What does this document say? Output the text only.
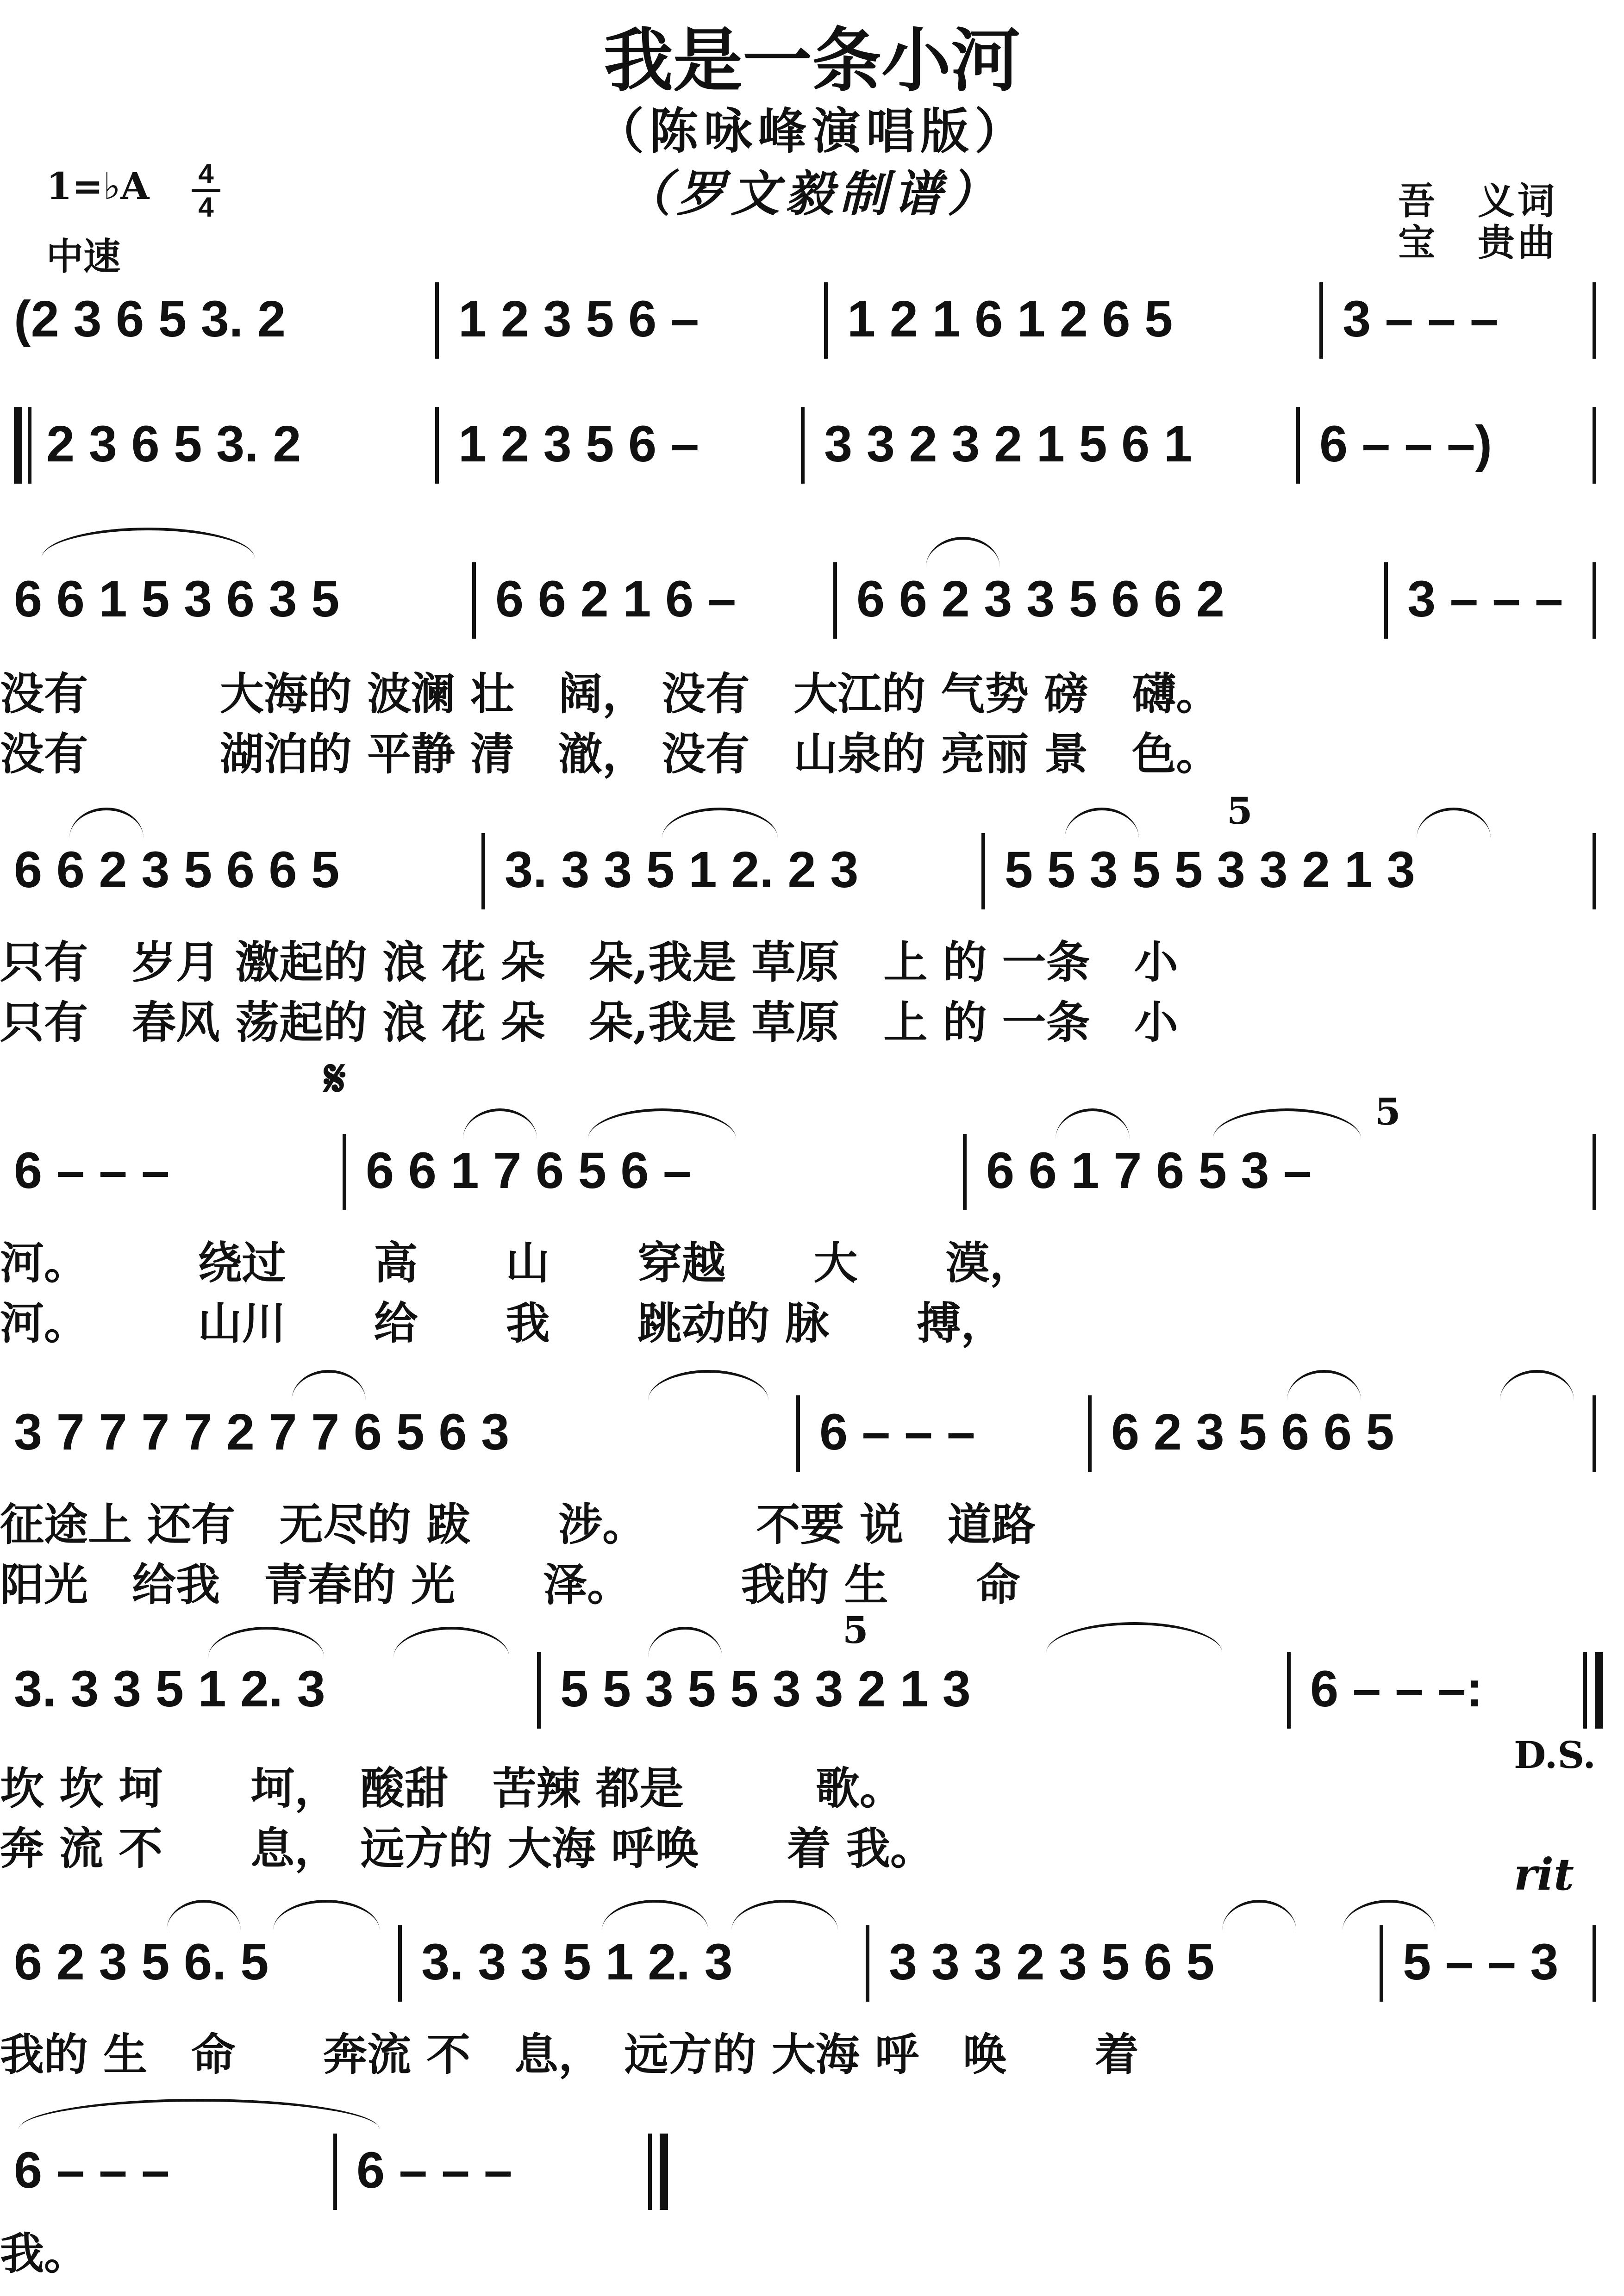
我是一条小河
（陈咏峰演唱版）
（罗文毅制谱）
1=♭A	4
4
中速
吾　义词
宝　贵曲
(2 3 6 5 3. 2	1 2 3 5 6 –	1 2 1 6 1 2 6 5	3 – – –
2 3 6 5 3. 2	1 2 3 5 6 – 3 3 2 3 2 1 5 6 1 6 – – –)
6 6 1 5 3 6 3 5	6 6 2 1 6 – 6 6 2 3 3 5 6 6 2	3 – – –
没有　　　大海的 波澜 壮　阔， 没有　大江的 气势 磅　礴。
没有　　　湖泊的 平静 清　澈， 没有　山泉的 亮丽 景　色。
5
6 6 2 3 5 6 6 5	3. 3 3 5 1 2. 2 3	5 5 3 5 5 3 3 2 1 3
只有　岁月 激起的 浪 花 朵　朵,我是 草原　上 的 一条　小
只有　春风 荡起的 浪 花 朵　朵,我是 草原　上 的 一条　小
𝄋
5
6 – – –	6 6 1 7 6 5 6 –	6 6 1 7 6 5 3 –
河。　　　绕过　　高　　山　　穿越　　大　　漠，
河。　　　山川　　给　　我　　跳动的 脉　　搏，
3 7 7 7 7 2 7 7 6 5 6 3	6 – – –	6 2 3 5 6 6 5
征途上 还有　无尽的 跋　　涉。　　　不要 说　道路
阳光　给我　青春的 光　　泽。　　　我的 生　　命
5
3. 3 3 5 1 2. 3	5 5 3 5 5 3 3 2 1 3	6 – – –:
坎 坎 坷　　坷，　酸甜　苦辣 都是　　　歌。
奔 流 不　　息，　远方的 大海 呼唤　　着 我。
D.S.
rit
6 2 3 5 6. 5	3. 3 3 5 1 2. 3	3 3 3 2 3 5 6 5	5 – – 3
我的 生　命　　奔流 不　息，　远方的 大海 呼　唤　　着
6 – – –	6 – – –
我。
